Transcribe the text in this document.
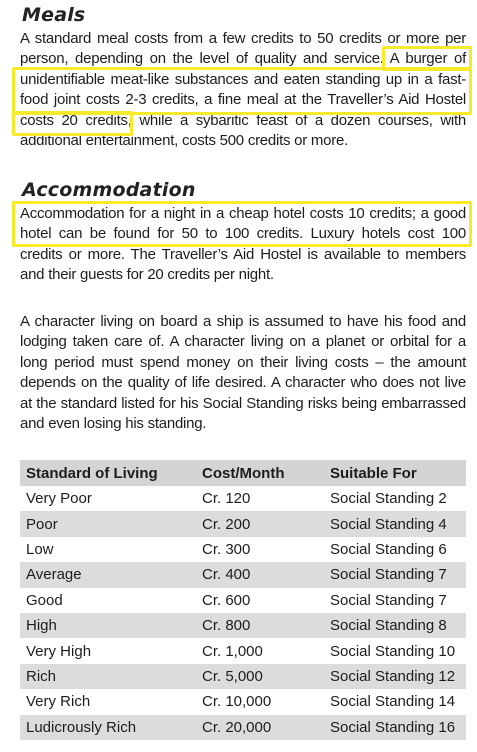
Meals

A standard meal costs from a few credits to 50 credits or more per person, depending on the level of quality and service. A burger of unidentifiable meat-like substances and eaten standing up in a fast-food joint costs 2-3 credits, a fine meal at the Traveller’s Aid Hostel costs 20 credits, while a sybaritic feast of a dozen courses, with additional entertainment, costs 500 credits or more.

Accommodation

Accommodation for a night in a cheap hotel costs 10 credits; a good hotel can be found for 50 to 100 credits. Luxury hotels cost 100 credits or more. The Traveller’s Aid Hostel is available to members and their guests for 20 credits per night.

A character living on board a ship is assumed to have his food and lodging taken care of. A character living on a planet or orbital for a long period must spend money on their living costs – the amount depends on the quality of life desired. A character who does not live at the standard listed for his Social Standing risks being embarrassed and even losing his standing.

Standard of Living	Cost/Month	Suitable For
Very Poor	Cr. 120	Social Standing 2
Poor	Cr. 200	Social Standing 4
Low	Cr. 300	Social Standing 6
Average	Cr. 400	Social Standing 7
Good	Cr. 600	Social Standing 7
High	Cr. 800	Social Standing 8
Very High	Cr. 1,000	Social Standing 10
Rich	Cr. 5,000	Social Standing 12
Very Rich	Cr. 10,000	Social Standing 14
Ludicrously Rich	Cr. 20,000	Social Standing 16
